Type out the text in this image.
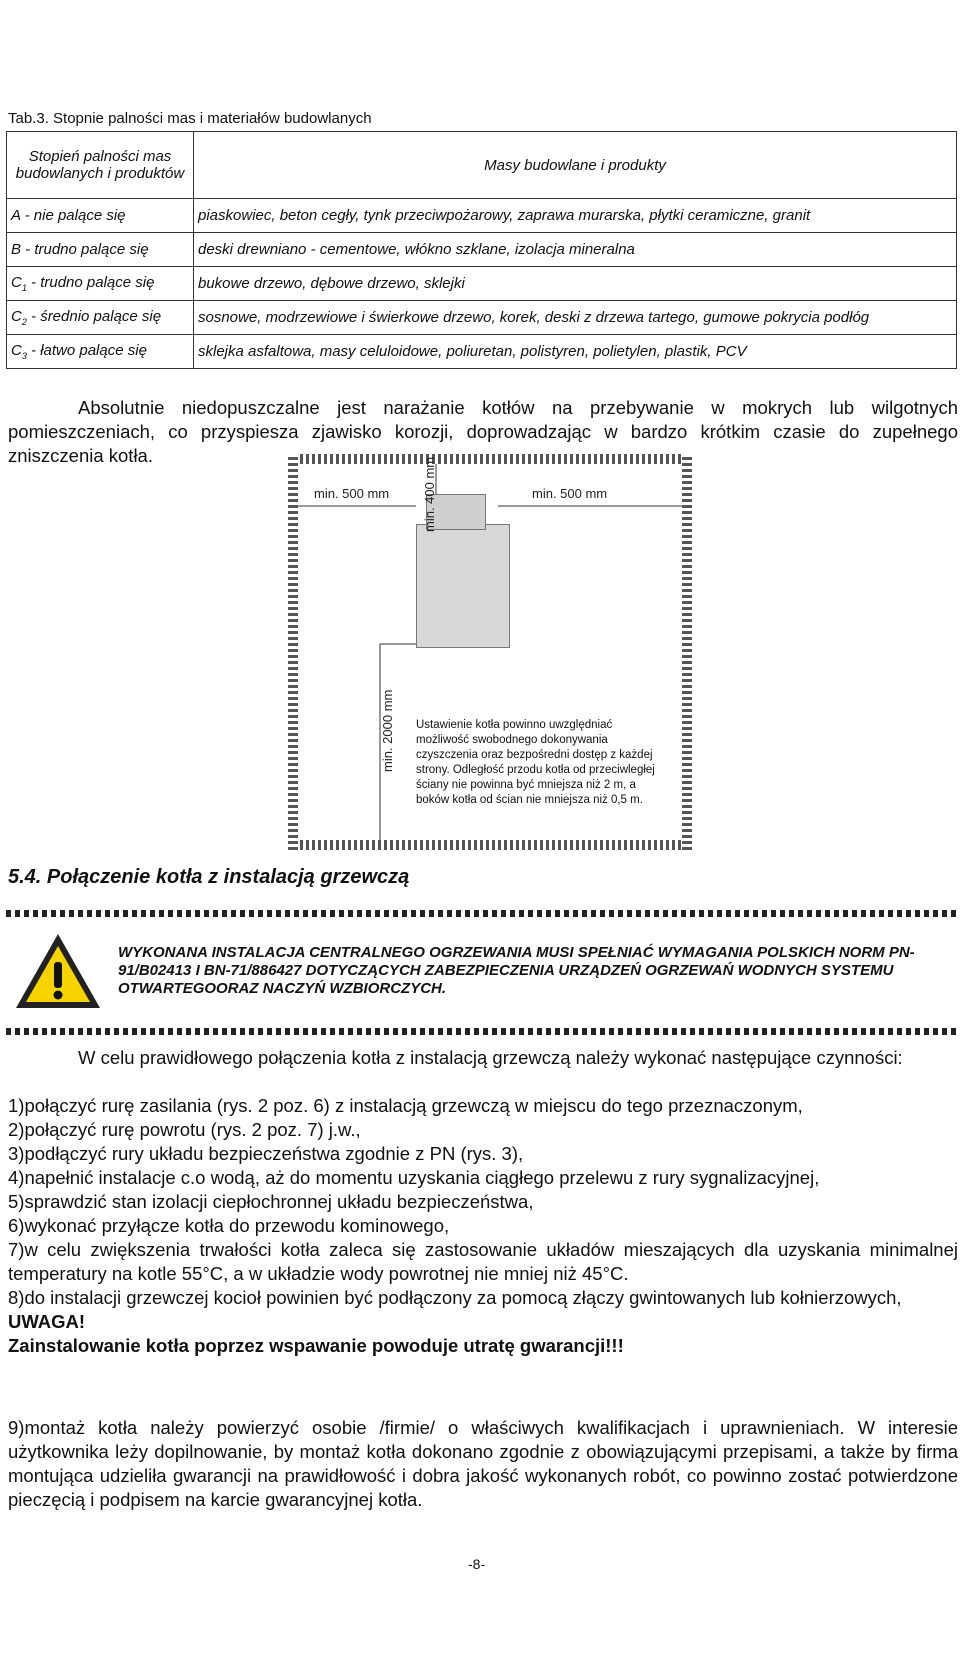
Tab.3. Stopnie palności mas i materiałów budowlanych
Stopień palności mas budowlanych i produktów	Masy budowlane i produkty
A - nie palące się	piaskowiec, beton cegły, tynk przeciwpożarowy, zaprawa murarska, płytki ceramiczne, granit
B - trudno palące się	deski drewniano - cementowe, włókno szklane, izolacja mineralna
$C_1$ - trudno palące się	bukowe drzewo, dębowe drzewo, sklejki
$C_2$ - średnio palące się	sosnowe, modrzewiowe i świerkowe drzewo, korek, deski z drzewa tartego, gumowe pokrycia podłóg
$C_3$ - łatwo palące się	sklejka asfaltowa, masy celuloidowe, poliuretan, polistyren, polietylen, plastik, PCV
Absolutnie niedopuszczalne jest narażanie kotłów na przebywanie w mokrych lub wilgotnych pomieszczeniach, co przyspiesza zjawisko korozji, doprowadzając w bardzo krótkim czasie do zupełnego zniszczenia kotła.
min. 500 mm	min. 500 mm
min. 400 mm
min. 2000 mm Ustawienie kotła powinno uwzględniać możliwość swobodnego dokonywania czyszczenia oraz bezpośredni dostęp z każdej strony. Odległość przodu kotła od przeciwległej ściany nie powinna być mniejsza niż 2 m, a boków kotła od ścian nie mniejsza niż 0,5 m.
5.4. Połączenie kotła z instalacją grzewczą
WYKONANA INSTALACJA CENTRALNEGO OGRZEWANIA MUSI SPEŁNIAĆ WYMAGANIA POLSKICH NORM PN-91/B02413 I BN-71/886427 DOTYCZĄCYCH ZABEZPIECZENIA URZĄDZEŃ OGRZEWAŃ WODNYCH SYSTEMU OTWARTEGOORAZ NACZYŃ WZBIORCZYCH.
W celu prawidłowego połączenia kotła z instalacją grzewczą należy wykonać następujące czynności:
1)połączyć rurę zasilania (rys. 2 poz. 6) z instalacją grzewczą w miejscu do tego przeznaczonym,
2)połączyć rurę powrotu (rys. 2 poz. 7) j.w.,
3)podłączyć rury układu bezpieczeństwa zgodnie z PN (rys. 3),
4)napełnić instalacje c.o wodą, aż do momentu uzyskania ciągłego przelewu z rury sygnalizacyjnej,
5)sprawdzić stan izolacji ciepłochronnej układu bezpieczeństwa,
6)wykonać przyłącze kotła do przewodu kominowego,
7)w celu zwiększenia trwałości kotła zaleca się zastosowanie układów mieszających dla uzyskania minimalnej temperatury na kotle 55°C, a w układzie wody powrotnej nie mniej niż 45°C.
8)do instalacji grzewczej kocioł powinien być podłączony za pomocą złączy gwintowanych lub kołnierzowych,
UWAGA!
Zainstalowanie kotła poprzez wspawanie powoduje utratę gwarancji!!!
9)montaż kotła należy powierzyć osobie /firmie/ o właściwych kwalifikacjach i uprawnieniach. W interesie użytkownika leży dopilnowanie, by montaż kotła dokonano zgodnie z obowiązującymi przepisami, a także by firma montująca udzieliła gwarancji na prawidłowość i dobra jakość wykonanych robót, co powinno zostać potwierdzone pieczęcią i podpisem na karcie gwarancyjnej kotła.
-8-
